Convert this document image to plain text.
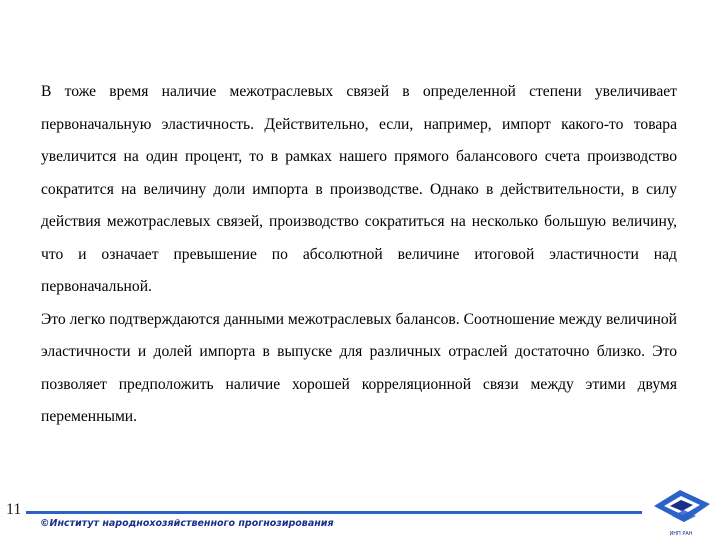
В тоже время наличие межотраслевых связей в определенной степени увеличивает первоначальную эластичность. Действительно, если, например, импорт какого-то товара увеличится на один процент, то в рамках нашего прямого балансового счета производство сократится на величину доли импорта в производстве. Однако в действительности, в силу действия межотраслевых связей, производство сократиться на несколько большую величину, что и означает превышение по абсолютной величине итоговой эластичности над первоначальной.

Это легко подтверждаются данными межотраслевых балансов. Соотношение между величиной эластичности и долей импорта в выпуске для различных отраслей достаточно близко. Это позволяет предположить наличие хорошей корреляционной связи между этими двумя переменными.

11
©Институт народнохозяйственного прогнозирования
ИНП РАН
